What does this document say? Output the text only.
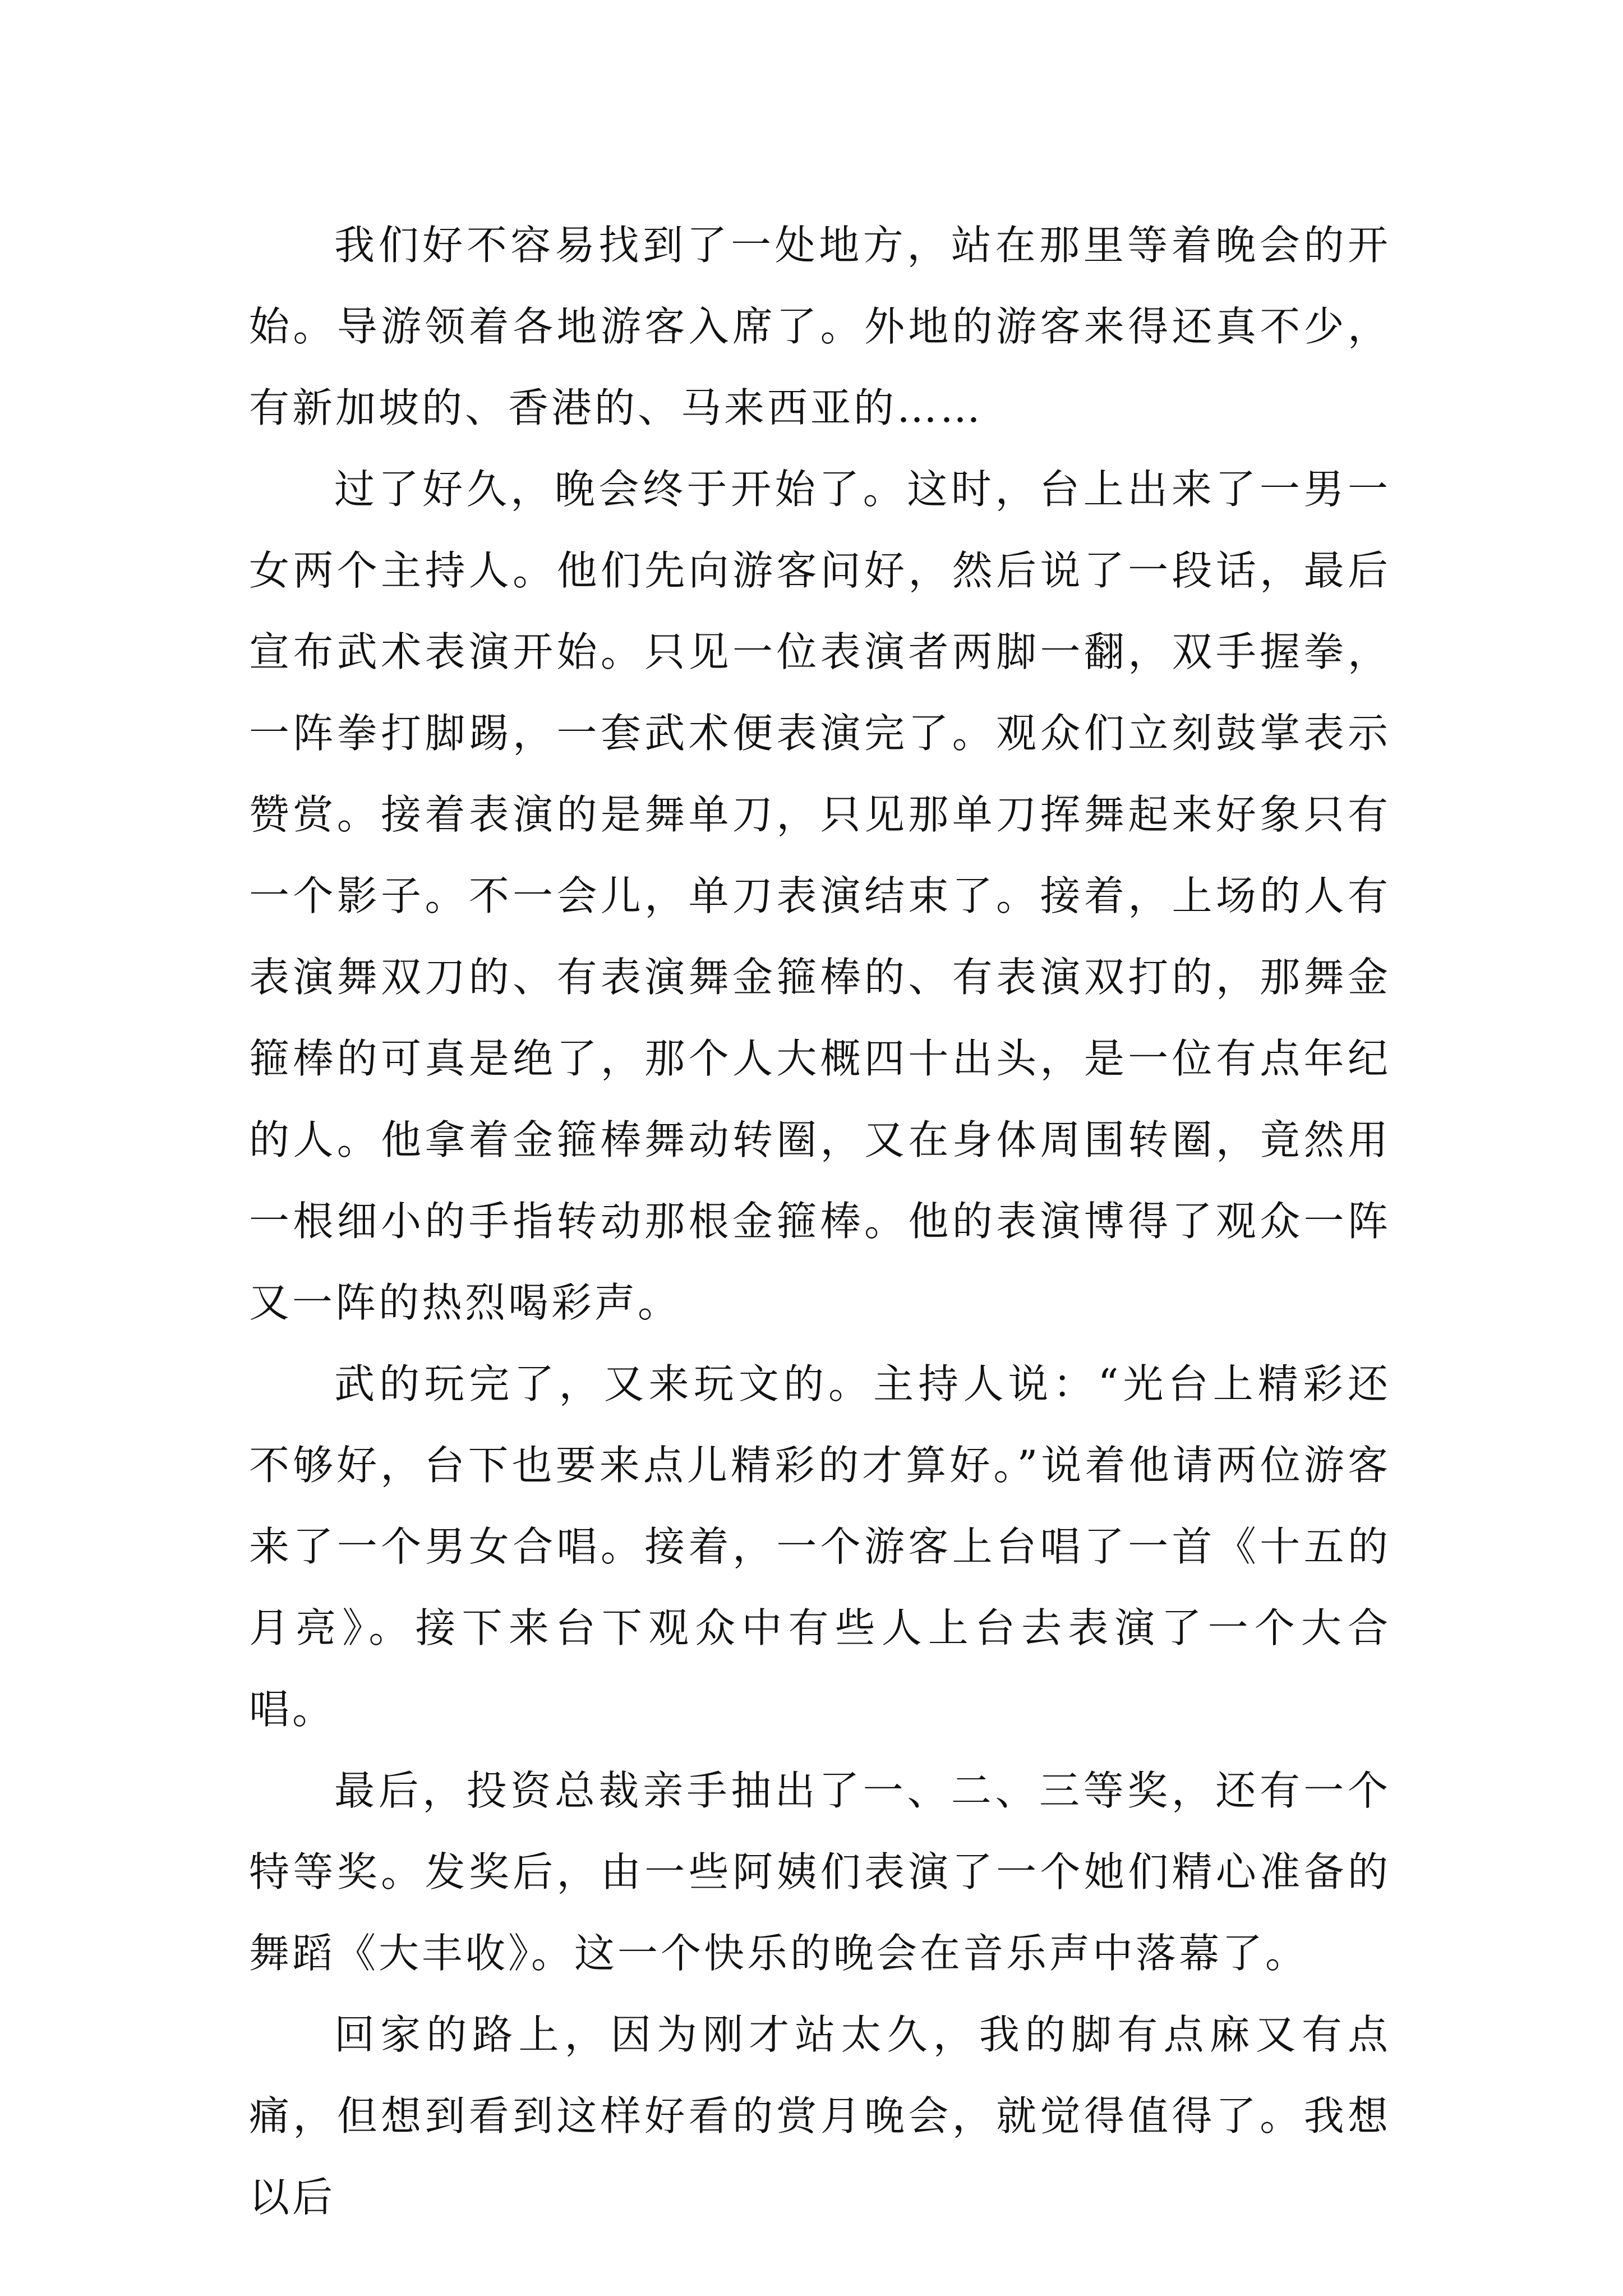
我们好不容易找到了一处地方，站在那里等着晚会的开始。导游领着各地游客入席了。外地的游客来得还真不少，有新加坡的、香港的、马来西亚的……

过了好久，晚会终于开始了。这时，台上出来了一男一女两个主持人。他们先向游客问好，然后说了一段话，最后宣布武术表演开始。只见一位表演者两脚一翻，双手握拳，一阵拳打脚踢，一套武术便表演完了。观众们立刻鼓掌表示赞赏。接着表演的是舞单刀，只见那单刀挥舞起来好象只有一个影子。不一会儿，单刀表演结束了。接着，上场的人有表演舞双刀的、有表演舞金箍棒的、有表演双打的，那舞金箍棒的可真是绝了，那个人大概四十出头，是一位有点年纪的人。他拿着金箍棒舞动转圈，又在身体周围转圈，竟然用一根细小的手指转动那根金箍棒。他的表演博得了观众一阵又一阵的热烈喝彩声。

武的玩完了，又来玩文的。主持人说：“光台上精彩还不够好，台下也要来点儿精彩的才算好。”说着他请两位游客来了一个男女合唱。接着，一个游客上台唱了一首《十五的月亮》。接下来台下观众中有些人上台去表演了一个大合唱。

最后，投资总裁亲手抽出了一、二、三等奖，还有一个特等奖。发奖后，由一些阿姨们表演了一个她们精心准备的舞蹈《大丰收》。这一个快乐的晚会在音乐声中落幕了。

回家的路上，因为刚才站太久，我的脚有点麻又有点痛，但想到看到这样好看的赏月晚会，就觉得值得了。我想以后
